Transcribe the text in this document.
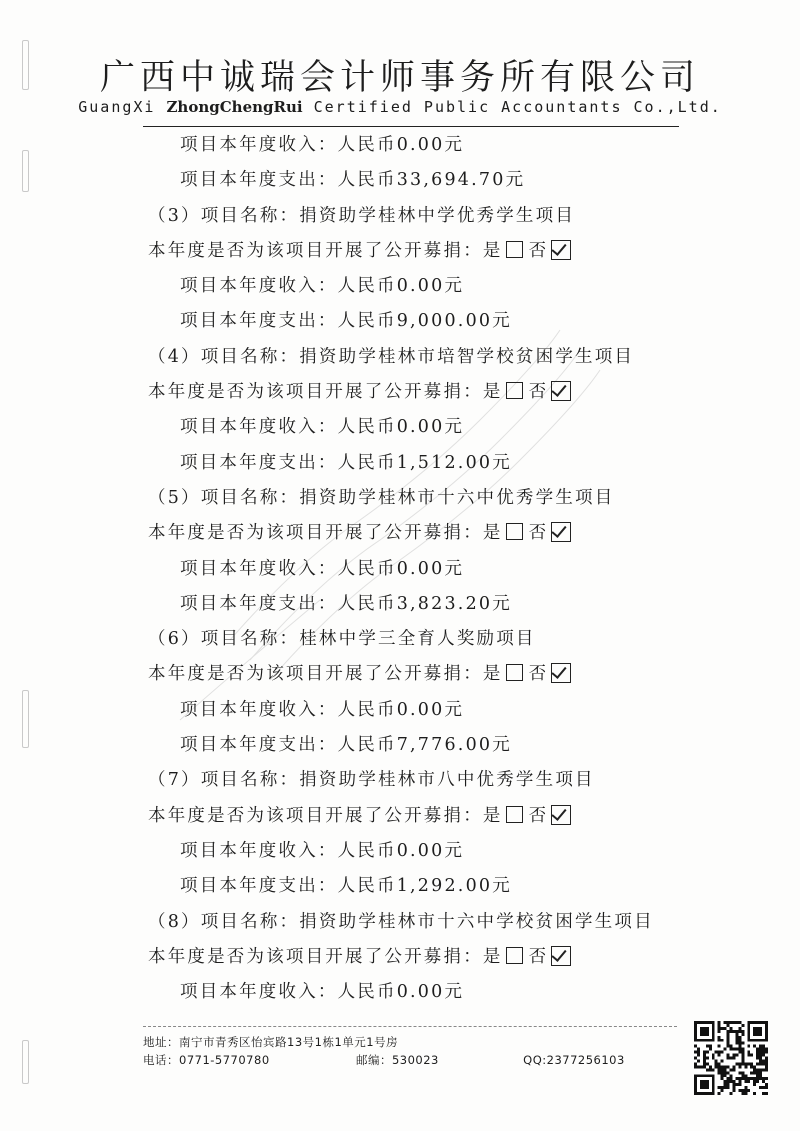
广西中诚瑞会计师事务所有限公司
GuangXi ZhongChengRui Certified Public Accountants Co.,Ltd.
项目本年度收入：人民币0.00元
项目本年度支出：人民币33,694.70元
（3）项目名称：捐资助学桂林中学优秀学生项目
本年度是否为该项目开展了公开募捐：是 否
项目本年度收入：人民币0.00元
项目本年度支出：人民币9,000.00元
（4）项目名称：捐资助学桂林市培智学校贫困学生项目
本年度是否为该项目开展了公开募捐：是 否
项目本年度收入：人民币0.00元
项目本年度支出：人民币1,512.00元
（5）项目名称：捐资助学桂林市十六中优秀学生项目
本年度是否为该项目开展了公开募捐：是 否
项目本年度收入：人民币0.00元
项目本年度支出：人民币3,823.20元
（6）项目名称：桂林中学三全育人奖励项目
本年度是否为该项目开展了公开募捐：是 否
项目本年度收入：人民币0.00元
项目本年度支出：人民币7,776.00元
（7）项目名称：捐资助学桂林市八中优秀学生项目
本年度是否为该项目开展了公开募捐：是 否
项目本年度收入：人民币0.00元
项目本年度支出：人民币1,292.00元
（8）项目名称：捐资助学桂林市十六中学校贫困学生项目
本年度是否为该项目开展了公开募捐：是 否
项目本年度收入：人民币0.00元
地址：南宁市青秀区怡宾路13号1栋1单元1号房
电话：0771-5770780	邮编：530023	QQ:2377256103
